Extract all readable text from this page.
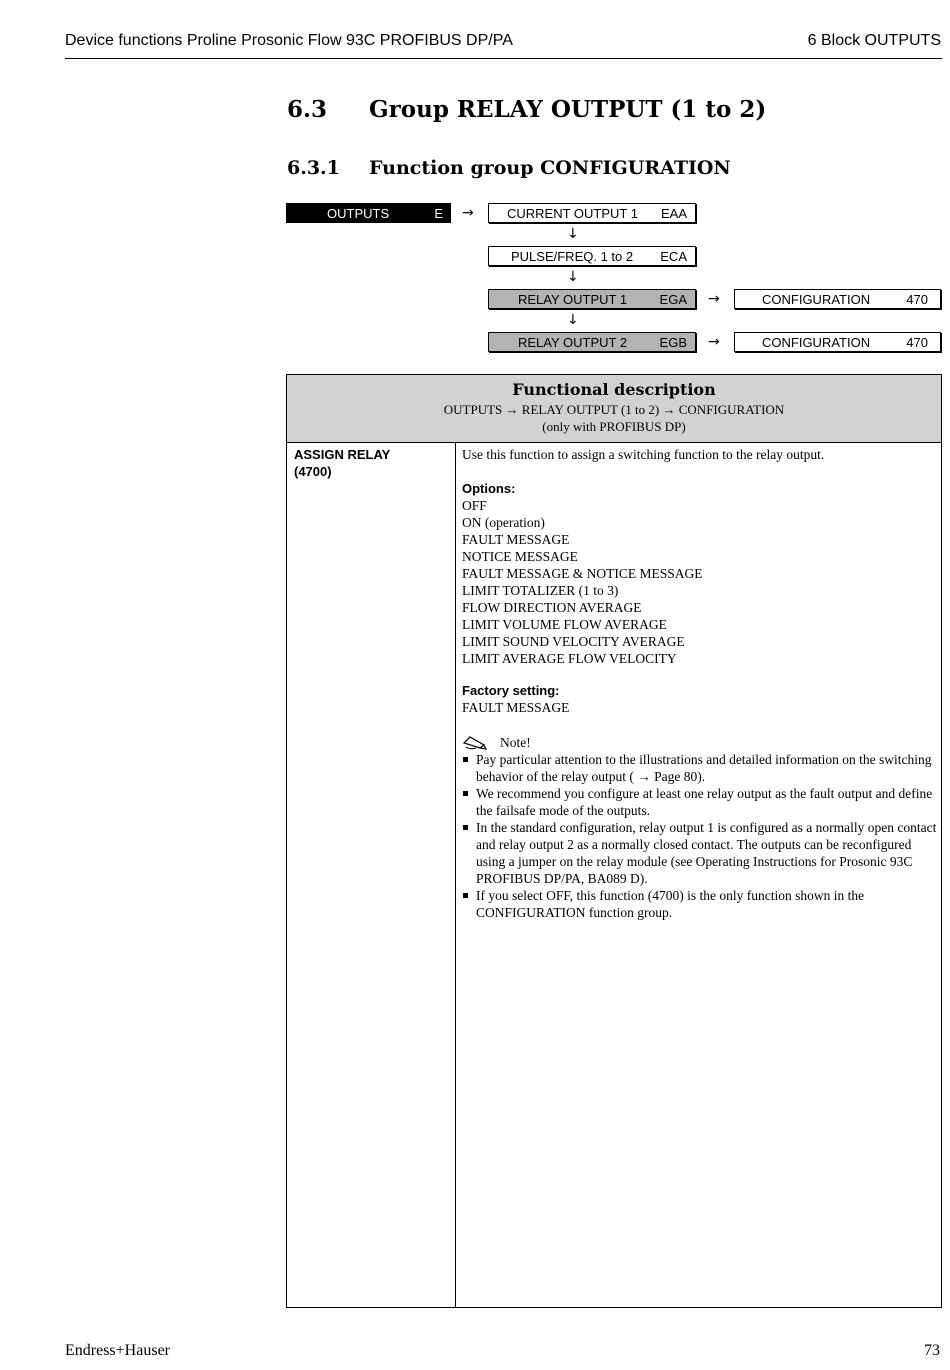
Device functions Proline Prosonic Flow 93C PROFIBUS DP/PA	6 Block OUTPUTS
6.3 Group RELAY OUTPUT (1 to 2)
6.3.1 Function group CONFIGURATION
OUTPUTS	E →	CURRENT OUTPUT 1 EAA
↓
PULSE/FREQ. 1 to 2 ECA
↓
RELAY OUTPUT 1 EGA →	CONFIGURATION	470
↓
RELAY OUTPUT 2 EGB →	CONFIGURATION	470
Functional description
OUTPUTS → RELAY OUTPUT (1 to 2) → CONFIGURATION
(only with PROFIBUS DP)
ASSIGN RELAY
(4700)

Use this function to assign a switching function to the relay output.

Options:

OFF

ON (operation)

FAULT MESSAGE

NOTICE MESSAGE

FAULT MESSAGE & NOTICE MESSAGE

LIMIT TOTALIZER (1 to 3)

FLOW DIRECTION AVERAGE

LIMIT VOLUME FLOW AVERAGE

LIMIT SOUND VELOCITY AVERAGE

LIMIT AVERAGE FLOW VELOCITY

Factory setting:

FAULT MESSAGE

Note!
Pay particular attention to the illustrations and detailed information on the switching behavior of the relay output ( → Page 80).
We recommend you configure at least one relay output as the fault output and define the failsafe mode of the outputs.
In the standard configuration, relay output 1 is configured as a normally open contact and relay output 2 as a normally closed contact. The outputs can be reconfigured using a jumper on the relay module (see Operating Instructions for Prosonic 93C PROFIBUS DP/PA, BA089 D).
If you select OFF, this function (4700) is the only function shown in the CONFIGURATION function group.
Endress+Hauser	73
